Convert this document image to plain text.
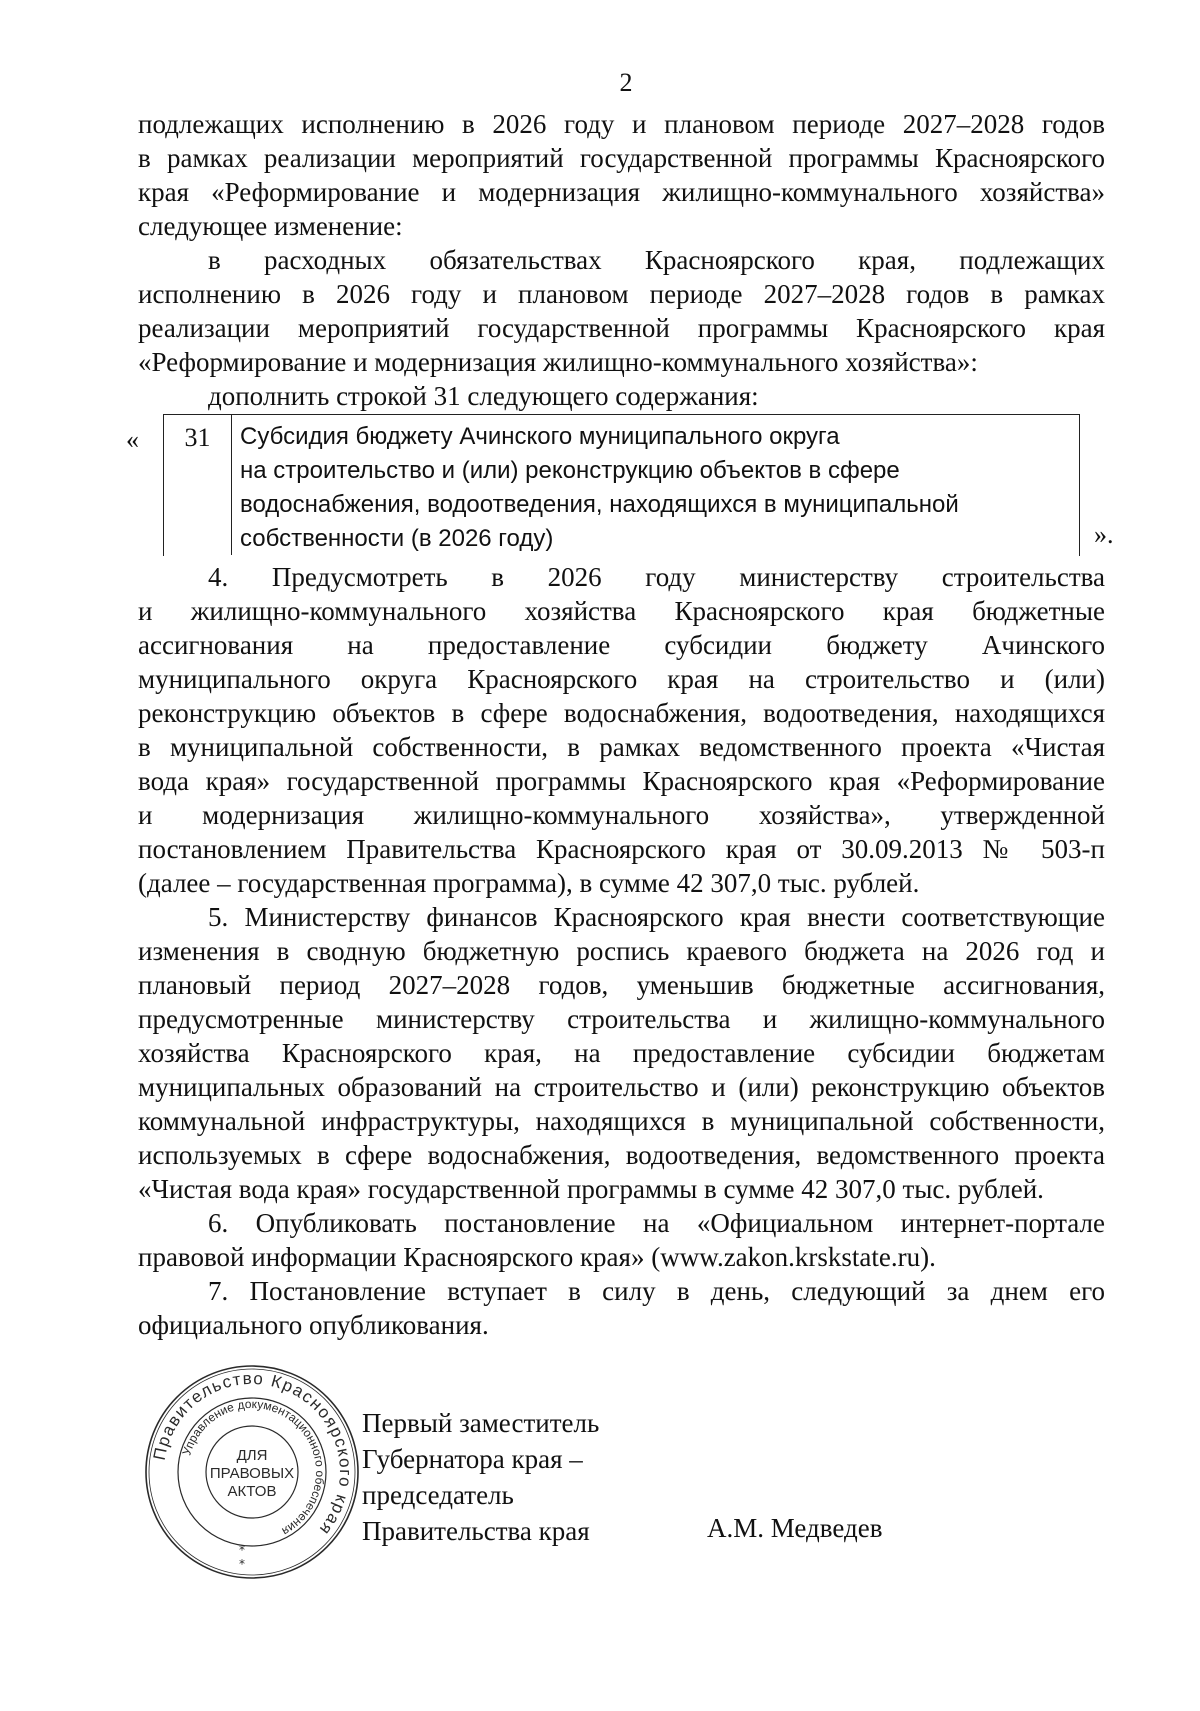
2
подлежащих исполнению в 2026 году и плановом периоде 2027–2028 годов
в рамках реализации мероприятий государственной программы Красноярского
края «Реформирование и модернизация жилищно-коммунального хозяйства»
следующее изменение:
в расходных обязательствах Красноярского края, подлежащих
исполнению в 2026 году и плановом периоде 2027–2028 годов в рамках
реализации мероприятий государственной программы Красноярского края
«Реформирование и модернизация жилищно-коммунального хозяйства»:
дополнить строкой 31 следующего содержания:
«	31	Субсидия бюджету Ачинского муниципального округа
на строительство и (или) реконструкцию объектов в сфере
водоснабжения, водоотведения, находящихся в муниципальной
собственности (в 2026 году)	».
4. Предусмотреть в 2026 году министерству строительства
и жилищно-коммунального хозяйства Красноярского края бюджетные
ассигнования на предоставление субсидии бюджету Ачинского
муниципального округа Красноярского края на строительство и (или)
реконструкцию объектов в сфере водоснабжения, водоотведения, находящихся
в муниципальной собственности, в рамках ведомственного проекта «Чистая
вода края» государственной программы Красноярского края «Реформирование
и модернизация жилищно-коммунального хозяйства», утвержденной
постановлением Правительства Красноярского края от 30.09.2013 № 503-п
(далее – государственная программа), в сумме 42 307,0 тыс. рублей.
5. Министерству финансов Красноярского края внести соответствующие
изменения в сводную бюджетную роспись краевого бюджета на 2026 год и
плановый период 2027–2028 годов, уменьшив бюджетные ассигнования,
предусмотренные министерству строительства и жилищно-коммунального
хозяйства Красноярского края, на предоставление субсидии бюджетам
муниципальных образований на строительство и (или) реконструкцию объектов
коммунальной инфраструктуры, находящихся в муниципальной собственности,
используемых в сфере водоснабжения, водоотведения, ведомственного проекта
«Чистая вода края» государственной программы в сумме 42 307,0 тыс. рублей.
6. Опубликовать постановление на «Официальном интернет-портале
правовой информации Красноярского края» (www.zakon.krskstate.ru).
7. Постановление вступает в силу в день, следующий за днем его
официального опубликования.
Правительство Красноярского края
Управление документационного обеспечения
ДЛЯ
ПРАВОВЫХ
АКТОВ
*
*
Первый заместитель
Губернатора края –
председатель
Правительства края	А.М. Медведев
